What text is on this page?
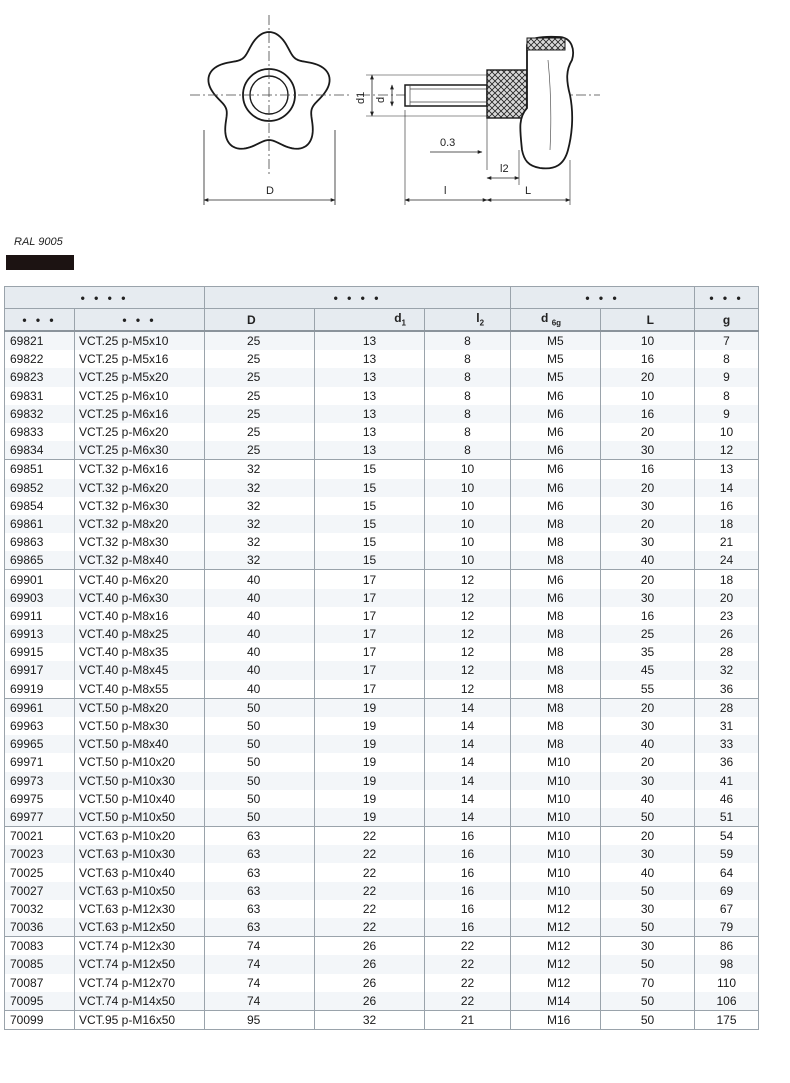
D
d1 d
0.3
l2
l	L
RAL 9005
• • • •		• • • •			• • •		• • •
• • •	• • •	D	$d_1$	$l_2$	d $_{6g}$	L	g
69821	VCT.25 p-M5x10	25	13	8	M5	10	7
69822	VCT.25 p-M5x16	25	13	8	M5	16	8
69823	VCT.25 p-M5x20	25	13	8	M5	20	9
69831	VCT.25 p-M6x10	25	13	8	M6	10	8
69832	VCT.25 p-M6x16	25	13	8	M6	16	9
69833	VCT.25 p-M6x20	25	13	8	M6	20	10
69834	VCT.25 p-M6x30	25	13	8	M6	30	12
69851	VCT.32 p-M6x16	32	15	10	M6	16	13
69852	VCT.32 p-M6x20	32	15	10	M6	20	14
69854	VCT.32 p-M6x30	32	15	10	M6	30	16
69861	VCT.32 p-M8x20	32	15	10	M8	20	18
69863	VCT.32 p-M8x30	32	15	10	M8	30	21
69865	VCT.32 p-M8x40	32	15	10	M8	40	24
69901	VCT.40 p-M6x20	40	17	12	M6	20	18
69903	VCT.40 p-M6x30	40	17	12	M6	30	20
69911	VCT.40 p-M8x16	40	17	12	M8	16	23
69913	VCT.40 p-M8x25	40	17	12	M8	25	26
69915	VCT.40 p-M8x35	40	17	12	M8	35	28
69917	VCT.40 p-M8x45	40	17	12	M8	45	32
69919	VCT.40 p-M8x55	40	17	12	M8	55	36
69961	VCT.50 p-M8x20	50	19	14	M8	20	28
69963	VCT.50 p-M8x30	50	19	14	M8	30	31
69965	VCT.50 p-M8x40	50	19	14	M8	40	33
69971	VCT.50 p-M10x20	50	19	14	M10	20	36
69973	VCT.50 p-M10x30	50	19	14	M10	30	41
69975	VCT.50 p-M10x40	50	19	14	M10	40	46
69977	VCT.50 p-M10x50	50	19	14	M10	50	51
70021	VCT.63 p-M10x20	63	22	16	M10	20	54
70023	VCT.63 p-M10x30	63	22	16	M10	30	59
70025	VCT.63 p-M10x40	63	22	16	M10	40	64
70027	VCT.63 p-M10x50	63	22	16	M10	50	69
70032	VCT.63 p-M12x30	63	22	16	M12	30	67
70036	VCT.63 p-M12x50	63	22	16	M12	50	79
70083	VCT.74 p-M12x30	74	26	22	M12	30	86
70085	VCT.74 p-M12x50	74	26	22	M12	50	98
70087	VCT.74 p-M12x70	74	26	22	M12	70	110
70095	VCT.74 p-M14x50	74	26	22	M14	50	106
70099	VCT.95 p-M16x50	95	32	21	M16	50	175
